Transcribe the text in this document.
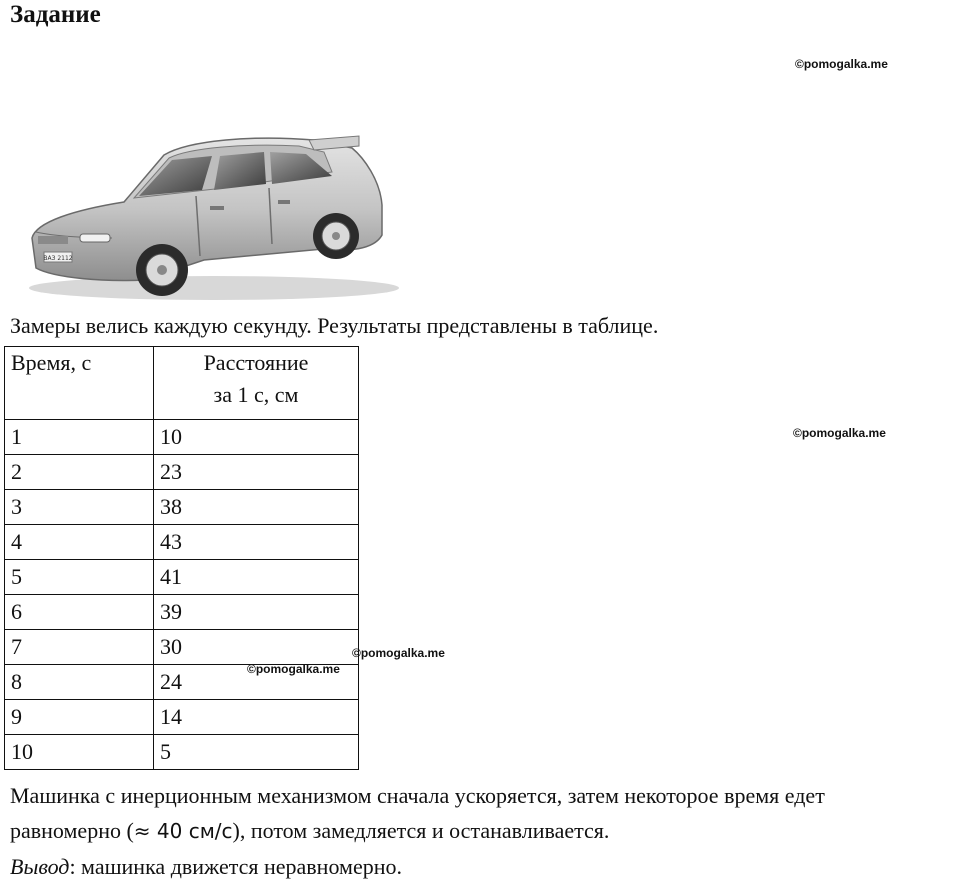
Задание
©pomogalka.me
ВАЗ 2112
Замеры велись каждую секунду. Результаты представлены в таблице.
Время, с	Расстояние
за 1 с, см

1	10
2	23
3	38
4	43
5	41
6	39
7	30
8	24
9	14
10	5
©pomogalka.me
©pomogalka.me
©pomogalka.me

Машинка с инерционным механизмом сначала ускоряется, затем некоторое время едет

равномерно (≈ 40 см/с), потом замедляется и останавливается.

Вывод: машинка движется неравномерно.
